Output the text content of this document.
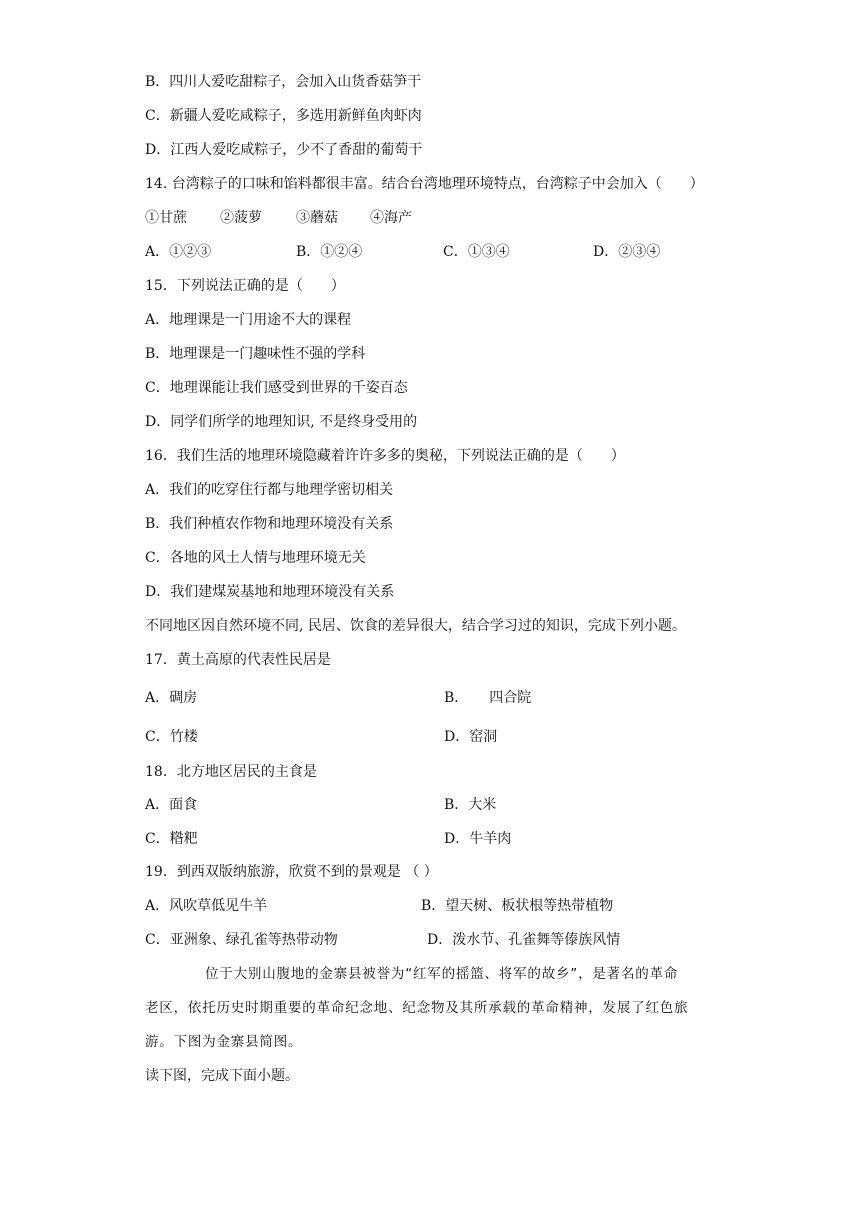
B．四川人爱吃甜粽子，会加入山货香菇笋干
C．新疆人爱吃咸粽子，多选用新鲜鱼肉虾肉
D．江西人爱吃咸粽子，少不了香甜的葡萄干
14. 台湾粽子的口味和馅料都很丰富。结合台湾地理环境特点，台湾粽子中会加入（　　）
①甘蔗 ②菠萝 ③蘑菇 ④海产
A．①②③	B．①②④	C．①③④	D．②③④
15．下列说法正确的是（　　）
A．地理课是一门用途不大的课程
B．地理课是一门趣味性不强的学科
C．地理课能让我们感受到世界的千姿百态
D．同学们所学的地理知识, 不是终身受用的
16．我们生活的地理环境隐藏着许许多多的奥秘，下列说法正确的是（　　）
A．我们的吃穿住行都与地理学密切相关
B．我们种植农作物和地理环境没有关系
C．各地的风土人情与地理环境无关
D．我们建煤炭基地和地理环境没有关系
不同地区因自然环境不同, 民居、饮食的差异很大，结合学习过的知识，完成下列小题。
17．黄土高原的代表性民居是
A．碉房	B．　　四合院
C．竹楼	D．窑洞
18．北方地区居民的主食是
A．面食	B．大米
C．糌粑	D．牛羊肉
19．到西双版纳旅游，欣赏不到的景观是 （ ）
A．风吹草低见牛羊	B．望天树、板状根等热带植物
C．亚洲象、绿孔雀等热带动物	D．泼水节、孔雀舞等傣族风情
位于大别山腹地的金寨县被誉为“红军的摇篮、将军的故乡”，是著名的革命
老区，依托历史时期重要的革命纪念地、纪念物及其所承载的革命精神，发展了红色旅
游。下图为金寨县简图。
读下图，完成下面小题。
